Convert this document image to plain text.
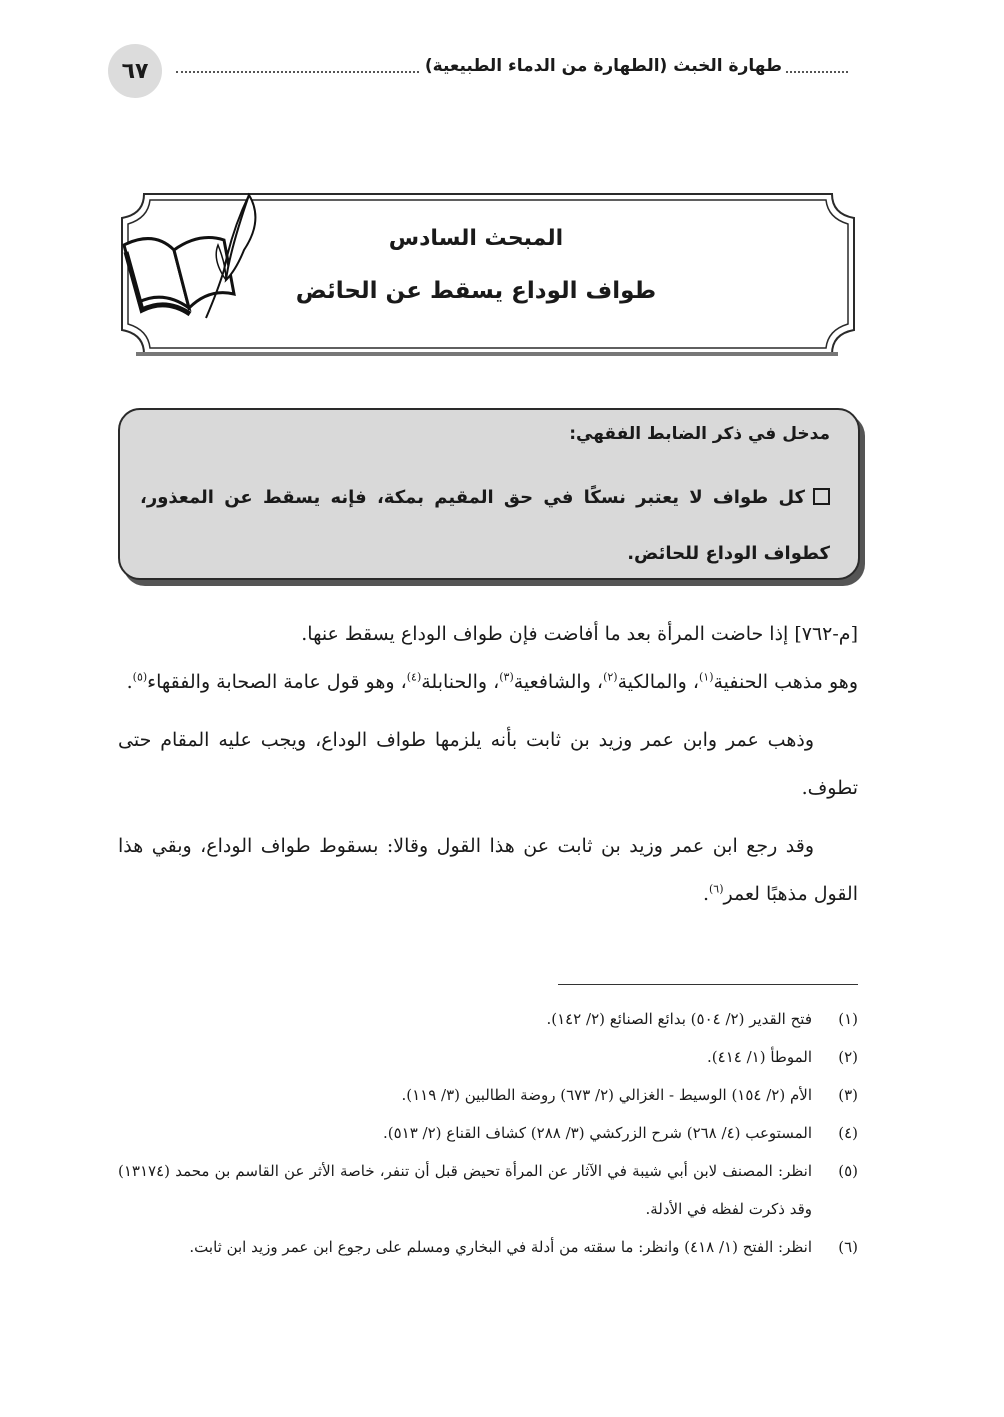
٦٧	طهارة الخبث (الطهارة من الدماء الطبيعية)
المبحث السادس
طواف الوداع يسقط عن الحائض
مدخل في ذكر الضابط الفقهي:
كل طواف لا يعتبر نسكًا في حق المقيم بمكة، فإنه يسقط عن المعذور، كطواف الوداع للحائض.

[م-٧٦٢] إذا حاضت المرأة بعد ما أفاضت فإن طواف الوداع يسقط عنها.
وهو مذهب الحنفية$^{(١)}$، والمالكية$^{(٢)}$، والشافعية$^{(٣)}$، والحنابلة$^{(٤)}$، وهو قول عامة الصحابة والفقهاء$^{(٥)}$.

وذهب عمر وابن عمر وزيد بن ثابت بأنه يلزمها طواف الوداع، ويجب عليه المقام حتى تطوف.

وقد رجع ابن عمر وزيد بن ثابت عن هذا القول وقالا: بسقوط طواف الوداع، وبقي هذا القول مذهبًا لعمر$^{(٦)}$.

(١)
فتح القدير (٢/ ٥٠٤) بدائع الصنائع (٢/ ١٤٢).
(٢)
الموطأ (١/ ٤١٤).
(٣)
الأم (٢/ ١٥٤) الوسيط - الغزالي (٢/ ٦٧٣) روضة الطالبين (٣/ ١١٩).
(٤)
المستوعب (٤/ ٢٦٨) شرح الزركشي (٣/ ٢٨٨) كشاف القناع (٢/ ٥١٣).
(٥)
انظر: المصنف لابن أبي شيبة في الآثار عن المرأة تحيض قبل أن تنفر، خاصة الأثر عن القاسم بن محمد (١٣١٧٤) وقد ذكرت لفظه في الأدلة.
(٦)
انظر: الفتح (١/ ٤١٨) وانظر: ما سقته من أدلة في البخاري ومسلم على رجوع ابن عمر وزيد ابن ثابت.
